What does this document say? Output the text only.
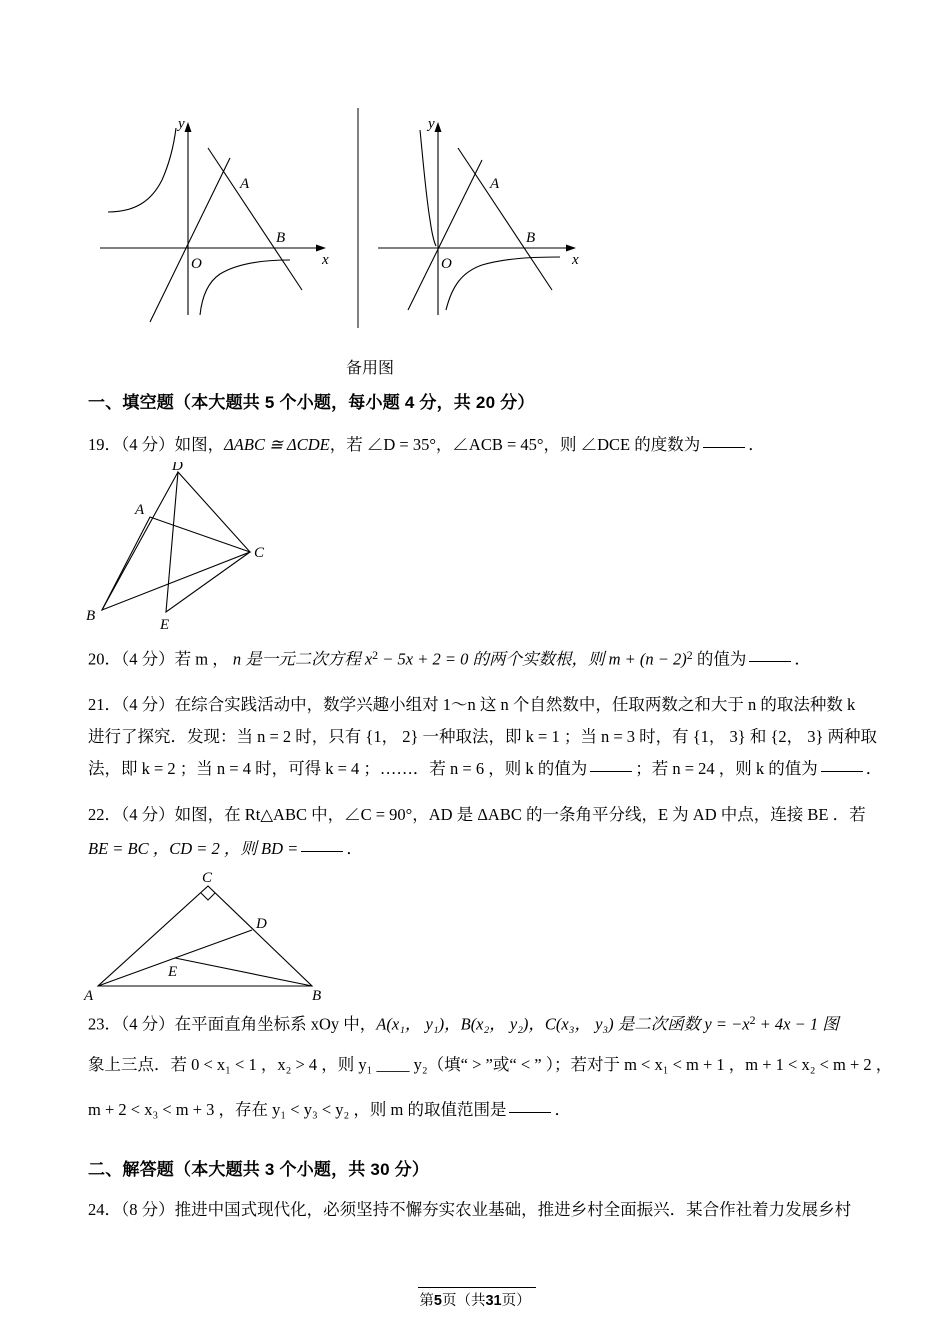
y
x
O
A
B
y
x
O
A
B
备用图
一、填空题（本大题共 5 个小题，每小题 4 分，共 20 分）
19．（4 分）如图，ΔABC ≅ ΔCDE，若 ∠D = 35°，∠ACB = 45°，则 ∠DCE 的度数为	．
D
A
C
B
E
20．（4 分）若 m ， n 是一元二次方程 $x^2 - 5x + 2 = 0$ 的两个实数根，则 $m + (n - 2)^2$ 的值为	．
21．（4 分）在综合实践活动中，数学兴趣小组对 1～n 这 n 个自然数中，任取两数之和大于 n 的取法种数 k
进行了探究．发现：当 n = 2 时，只有 {1， 2} 一种取法，即 k = 1 ；当 n = 3 时，有 {1， 3} 和 {2， 3} 两种取
法，即 k = 2 ；当 n = 4 时，可得 k = 4 ；……．若 n = 6 ，则 k 的值为	；若 n = 24 ，则 k 的值为	．
22．（4 分）如图，在 Rt△ABC 中，∠C = 90°，AD 是 ΔABC 的一条角平分线，E 为 AD 中点，连接 BE ．若
BE = BC ，CD = 2 ，则 BD =	．
C
D
E
A	B
23．（4 分）在平面直角坐标系 xOy 中，A(x₁， y₁)，B(x₂， y₂)，C(x₃， y₃) 是二次函数 $y = -x^2 + 4x - 1$ 图
象上三点．若 0 < x₁ < 1 ，x₂ > 4 ，则 y₁ ____ y₂（填“ > ”或“ < ” ）；若对于 m < x₁ < m + 1 ，m + 1 < x₂ < m + 2 ，
m + 2 < x₃ < m + 3 ，存在 y₁ < y₃ < y₂ ，则 m 的取值范围是	．
二、解答题（本大题共 3 个小题，共 30 分）
24．（8 分）推进中国式现代化，必须坚持不懈夯实农业基础，推进乡村全面振兴．某合作社着力发展乡村
第5页（共31页）
